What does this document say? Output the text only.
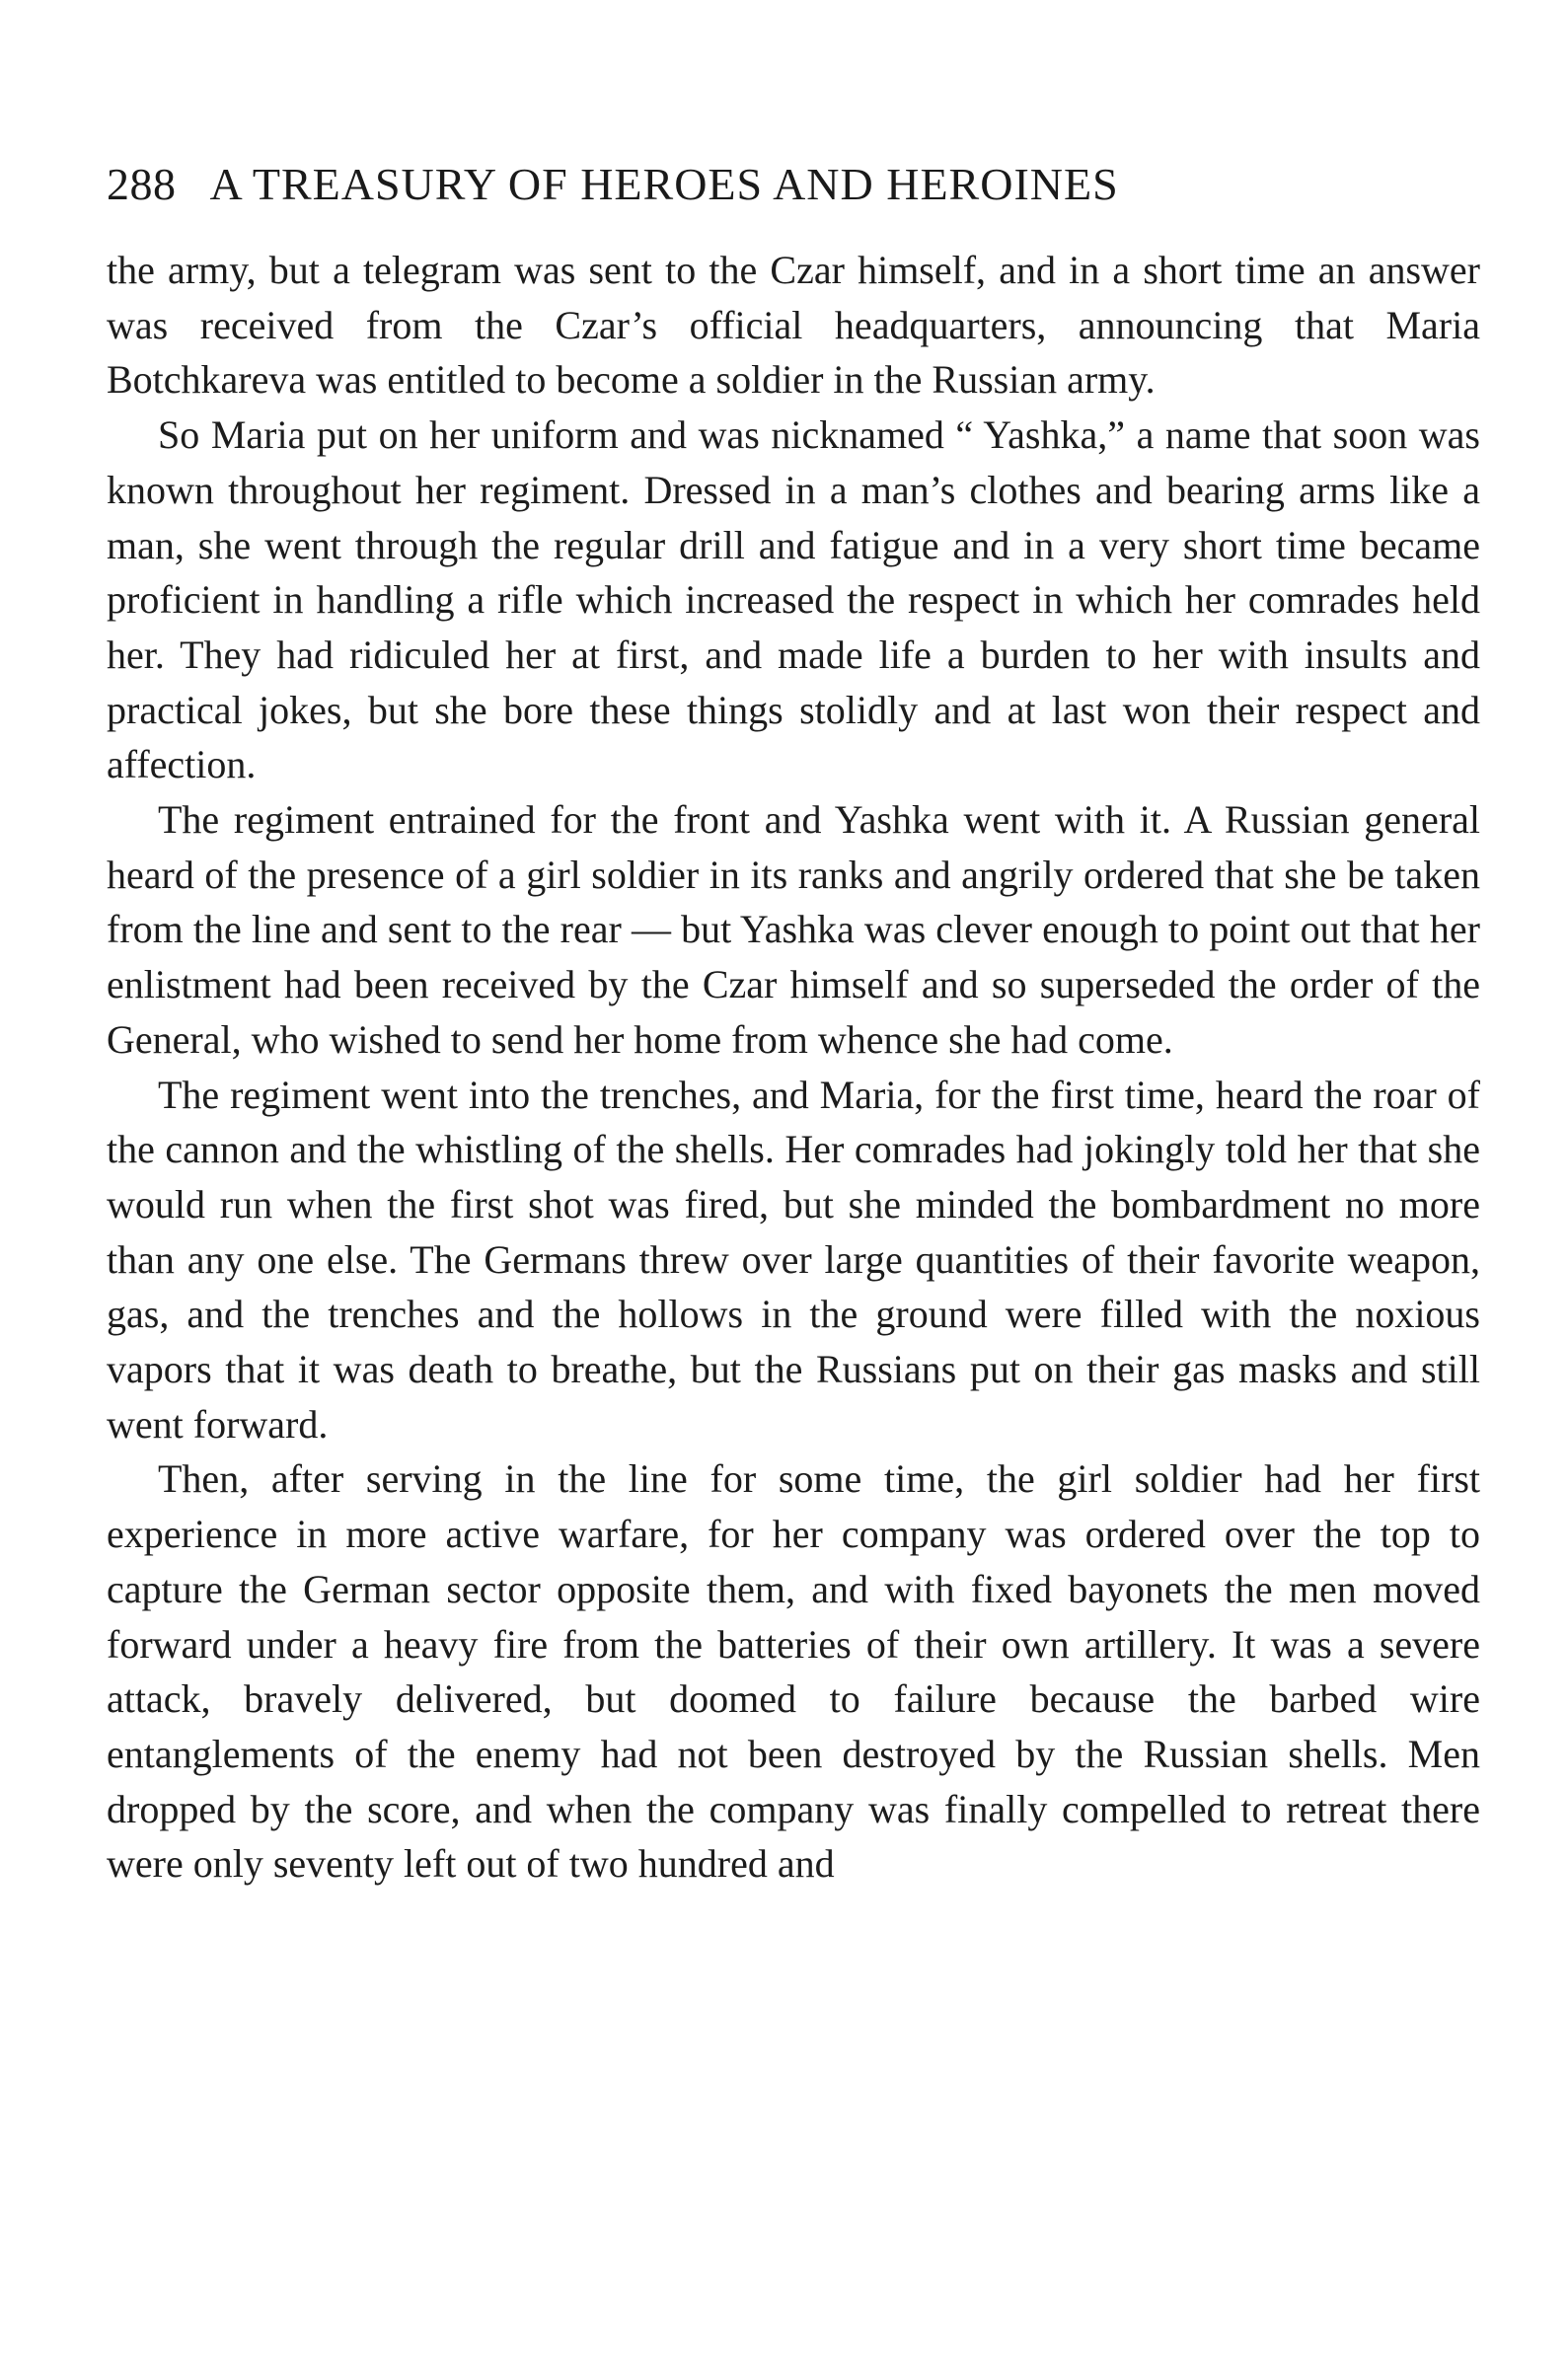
288 A TREASURY OF HEROES AND HEROINES

the army, but a telegram was sent to the Czar himself, and in a short time an answer was received from the Czar’s official headquarters, announcing that Maria Botchkareva was entitled to become a soldier in the Russian army.

So Maria put on her uniform and was nicknamed “ Yashka,” a name that soon was known throughout her regiment. Dressed in a man’s clothes and bearing arms like a man, she went through the regular drill and fatigue and in a very short time became proficient in handling a rifle which increased the respect in which her comrades held her. They had ridiculed her at first, and made life a burden to her with insults and practical jokes, but she bore these things stolidly and at last won their respect and affection.

The regiment entrained for the front and Yashka went with it. A Russian general heard of the presence of a girl soldier in its ranks and angrily ordered that she be taken from the line and sent to the rear — but Yashka was clever enough to point out that her enlistment had been received by the Czar himself and so superseded the order of the General, who wished to send her home from whence she had come.

The regiment went into the trenches, and Maria, for the first time, heard the roar of the cannon and the whistling of the shells. Her comrades had jokingly told her that she would run when the first shot was fired, but she minded the bombardment no more than any one else. The Germans threw over large quantities of their favorite weapon, gas, and the trenches and the hollows in the ground were filled with the noxious vapors that it was death to breathe, but the Russians put on their gas masks and still went forward.

Then, after serving in the line for some time, the girl soldier had her first experience in more active warfare, for her company was ordered over the top to capture the German sector opposite them, and with fixed bayonets the men moved forward under a heavy fire from the batteries of their own artillery. It was a severe attack, bravely delivered, but doomed to failure because the barbed wire entanglements of the enemy had not been destroyed by the Russian shells. Men dropped by the score, and when the company was finally compelled to retreat there were only seventy left out of two hundred and
